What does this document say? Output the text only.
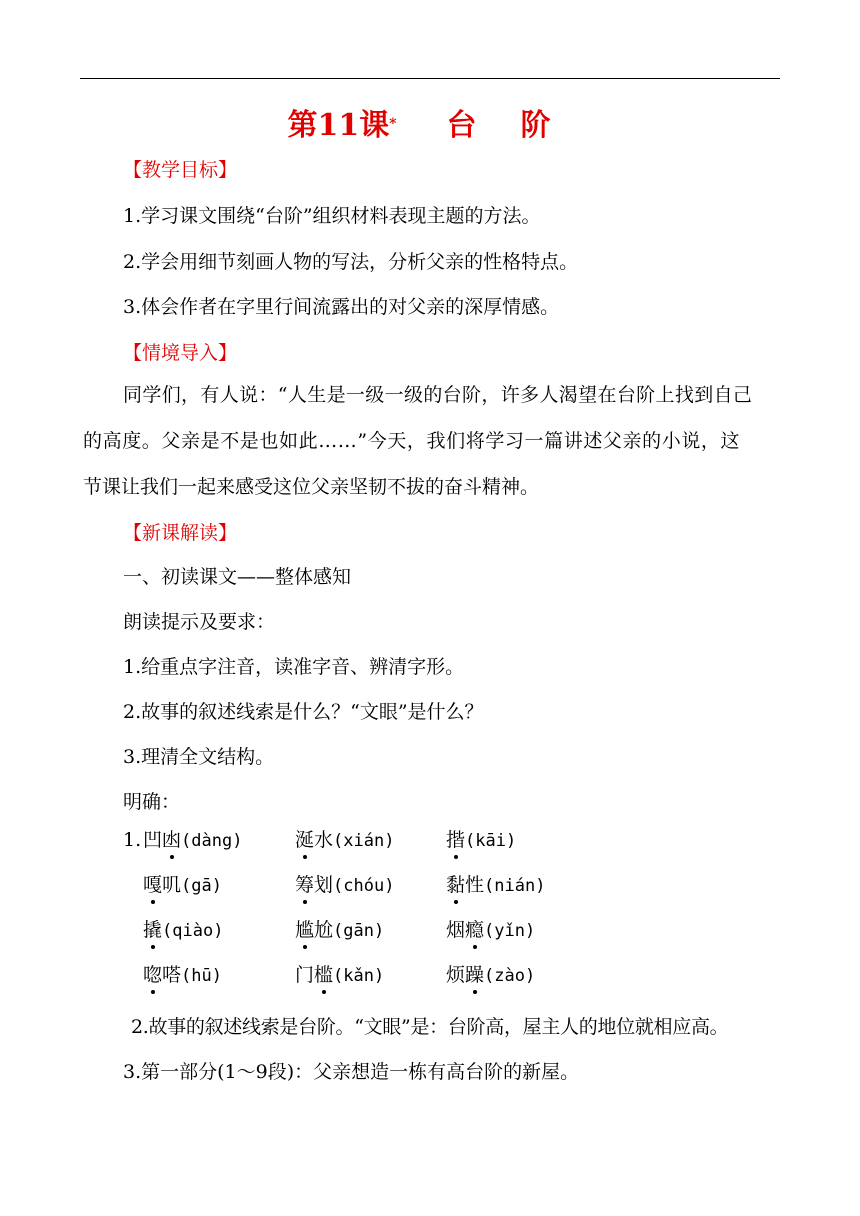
第11课* 台 阶
【教学目标】
1.学习课文围绕“台阶”组织材料表现主题的方法。
2.学会用细节刻画人物的写法，分析父亲的性格特点。
3.体会作者在字里行间流露出的对父亲的深厚情感。
【情境导入】
同学们，有人说：“人生是一级一级的台阶，许多人渴望在台阶上找到自己
的高度。父亲是不是也如此……”今天，我们将学习一篇讲述父亲的小说，这
节课让我们一起来感受这位父亲坚韧不拔的奋斗精神。
【新课解读】
一、初读课文——整体感知
朗读提示及要求：
1.给重点字注音，读准字音、辨清字形。
2.故事的叙述线索是什么？“文眼”是什么？
3.理清全文结构。
明确：
1. 凹凼(dàng)	涎水(xián)	揩(kāi)
嘎叽(gā)	筹划(chóu)	黏性(nián)
撬(qiào)	尴尬(gān)	烟瘾(yǐn)
唿嗒(hū)	门槛(kǎn)	烦躁(zào)
2.故事的叙述线索是台阶。“文眼”是：台阶高，屋主人的地位就相应高。
3.第一部分(1～9段)：父亲想造一栋有高台阶的新屋。
